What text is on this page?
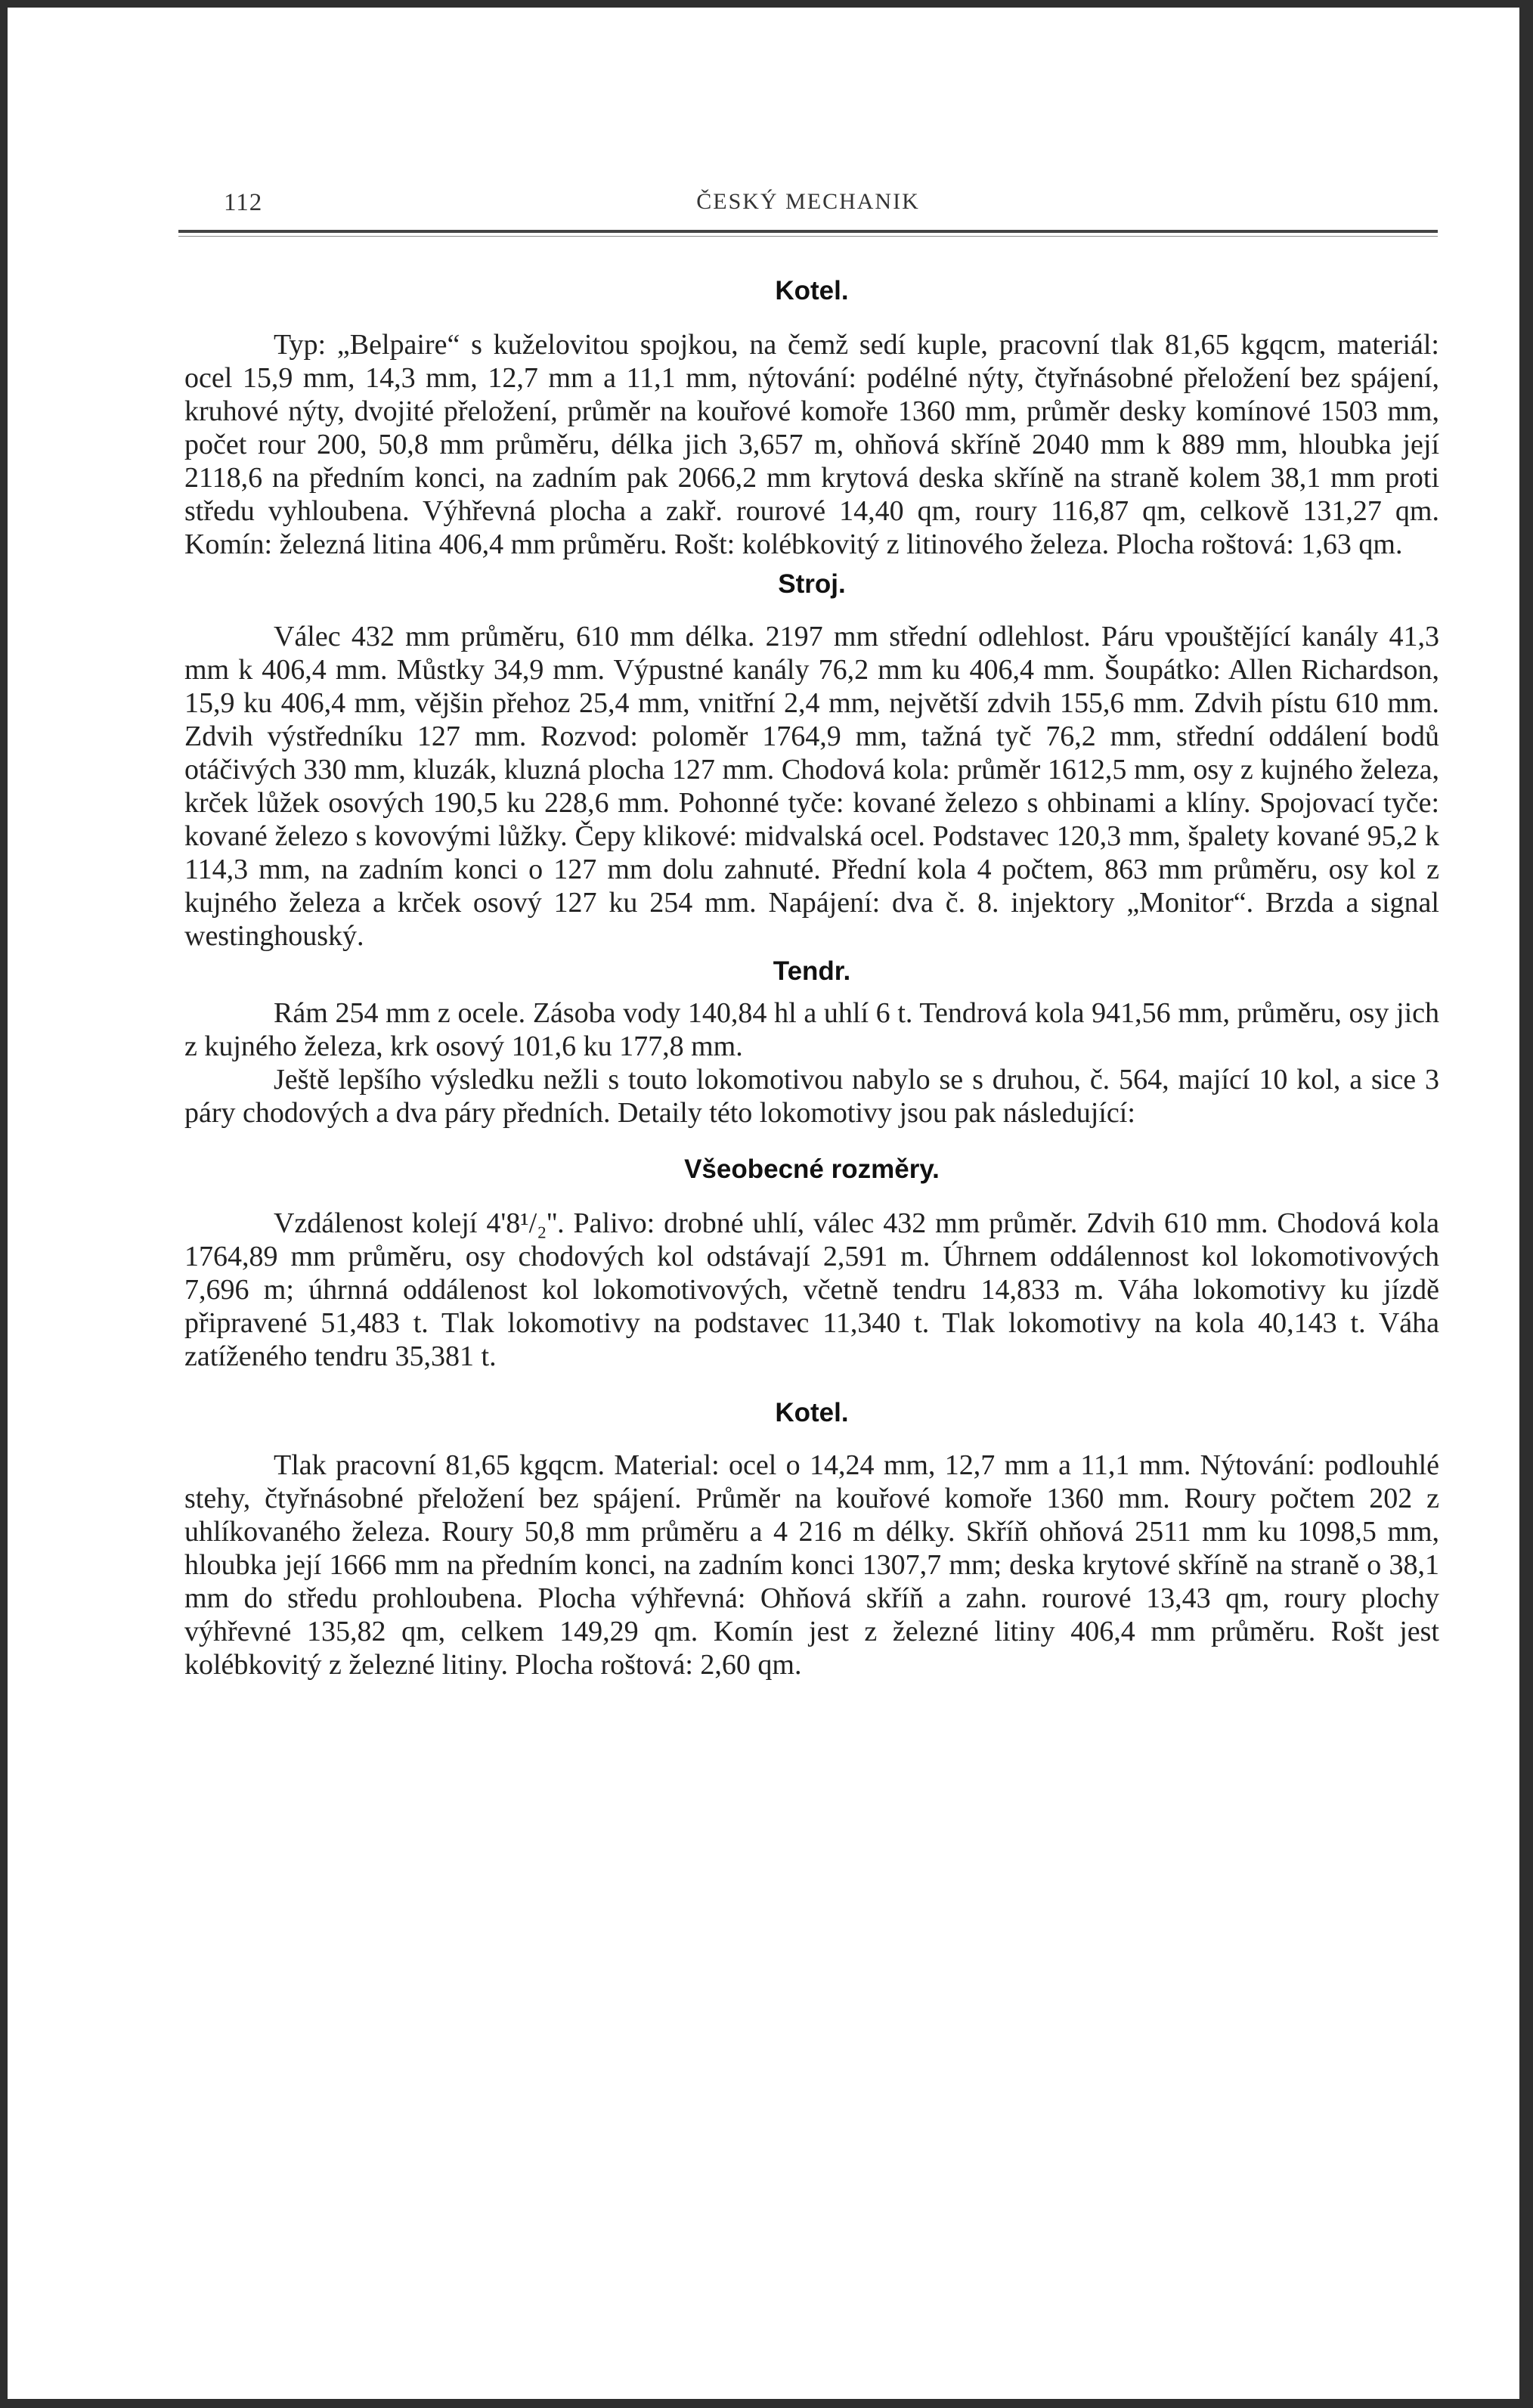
112	ČESKÝ MECHANIK
Kotel.

Typ: „Belpaire“ s kuželovitou spojkou, na čemž sedí kuple, pracovní tlak 81,65 kgqcm, materiál: ocel 15,9 mm, 14,3 mm, 12,7 mm a 11,1 mm, nýtování: podélné nýty, čtyřnásobné přeložení bez spájení, kruhové nýty, dvojité přeložení, průměr na kouřové komoře 1360 mm, průměr desky komínové 1503 mm, počet rour 200, 50,8 mm průměru, délka jich 3,657 m, ohňová skříně 2040 mm k 889 mm, hloubka její 2118,6 na předním konci, na zadním pak 2066,2 mm krytová deska skříně na straně kolem 38,1 mm proti středu vyhloubena. Výhřevná plocha a zakř. rourové 14,40 qm, roury 116,87 qm, celkově 131,27 qm. Komín: železná litina 406,4 mm průměru. Rošt: kolébkovitý z litinového železa. Plocha roštová: 1,63 qm.

Stroj.

Válec 432 mm průměru, 610 mm délka. 2197 mm střední odlehlost. Páru vpouštějící kanály 41,3 mm k 406,4 mm. Můstky 34,9 mm. Výpustné kanály 76,2 mm ku 406,4 mm. Šoupátko: Allen Richardson, 15,9 ku 406,4 mm, vějšin přehoz 25,4 mm, vnitřní 2,4 mm, největší zdvih 155,6 mm. Zdvih pístu 610 mm. Zdvih výstředníku 127 mm. Rozvod: poloměr 1764,9 mm, tažná tyč 76,2 mm, střední oddálení bodů otáčivých 330 mm, kluzák, kluzná plocha 127 mm. Chodová kola: průměr 1612,5 mm, osy z kujného železa, krček lůžek osových 190,5 ku 228,6 mm. Pohonné tyče: kované železo s ohbinami a klíny. Spojovací tyče: kované železo s kovovými lůžky. Čepy klikové: midvalská ocel. Podstavec 120,3 mm, špalety kované 95,2 k 114,3 mm, na zadním konci o 127 mm dolu zahnuté. Přední kola 4 počtem, 863 mm průměru, osy kol z kujného železa a krček osový 127 ku 254 mm. Napájení: dva č. 8. injektory „Monitor“. Brzda a signal westinghouský.

Tendr.

Rám 254 mm z ocele. Zásoba vody 140,84 hl a uhlí 6 t. Tendrová kola 941,56 mm, průměru, osy jich z kujného železa, krk osový 101,6 ku 177,8 mm.

Ještě lepšího výsledku nežli s touto lokomotivou nabylo se s druhou, č. 564, mající 10 kol, a sice 3 páry chodových a dva páry předních. Detaily této lokomotivy jsou pak následující:

Všeobecné rozměry.

Vzdálenost kolejí 4'8¹/₂''. Palivo: drobné uhlí, válec 432 mm průměr. Zdvih 610 mm. Chodová kola 1764,89 mm průměru, osy chodových kol odstávají 2,591 m. Úhrnem oddálennost kol lokomotivových 7,696 m; úhrnná oddálenost kol lokomotivových, včetně tendru 14,833 m. Váha lokomotivy ku jízdě připravené 51,483 t. Tlak lokomotivy na podstavec 11,340 t. Tlak lokomotivy na kola 40,143 t. Váha zatíženého tendru 35,381 t.

Kotel.

Tlak pracovní 81,65 kgqcm. Material: ocel o 14,24 mm, 12,7 mm a 11,1 mm. Nýtování: podlouhlé stehy, čtyřnásobné přeložení bez spájení. Průměr na kouřové komoře 1360 mm. Roury počtem 202 z uhlíkovaného železa. Roury 50,8 mm průměru a 4 216 m délky. Skříň ohňová 2511 mm ku 1098,5 mm, hloubka její 1666 mm na předním konci, na zadním konci 1307,7 mm; deska krytové skříně na straně o 38,1 mm do středu prohloubena. Plocha výhřevná: Ohňová skříň a zahn. rourové 13,43 qm, roury plochy výhřevné 135,82 qm, celkem 149,29 qm. Komín jest z železné litiny 406,4 mm průměru. Rošt jest kolébkovitý z železné litiny. Plocha roštová: 2,60 qm.
